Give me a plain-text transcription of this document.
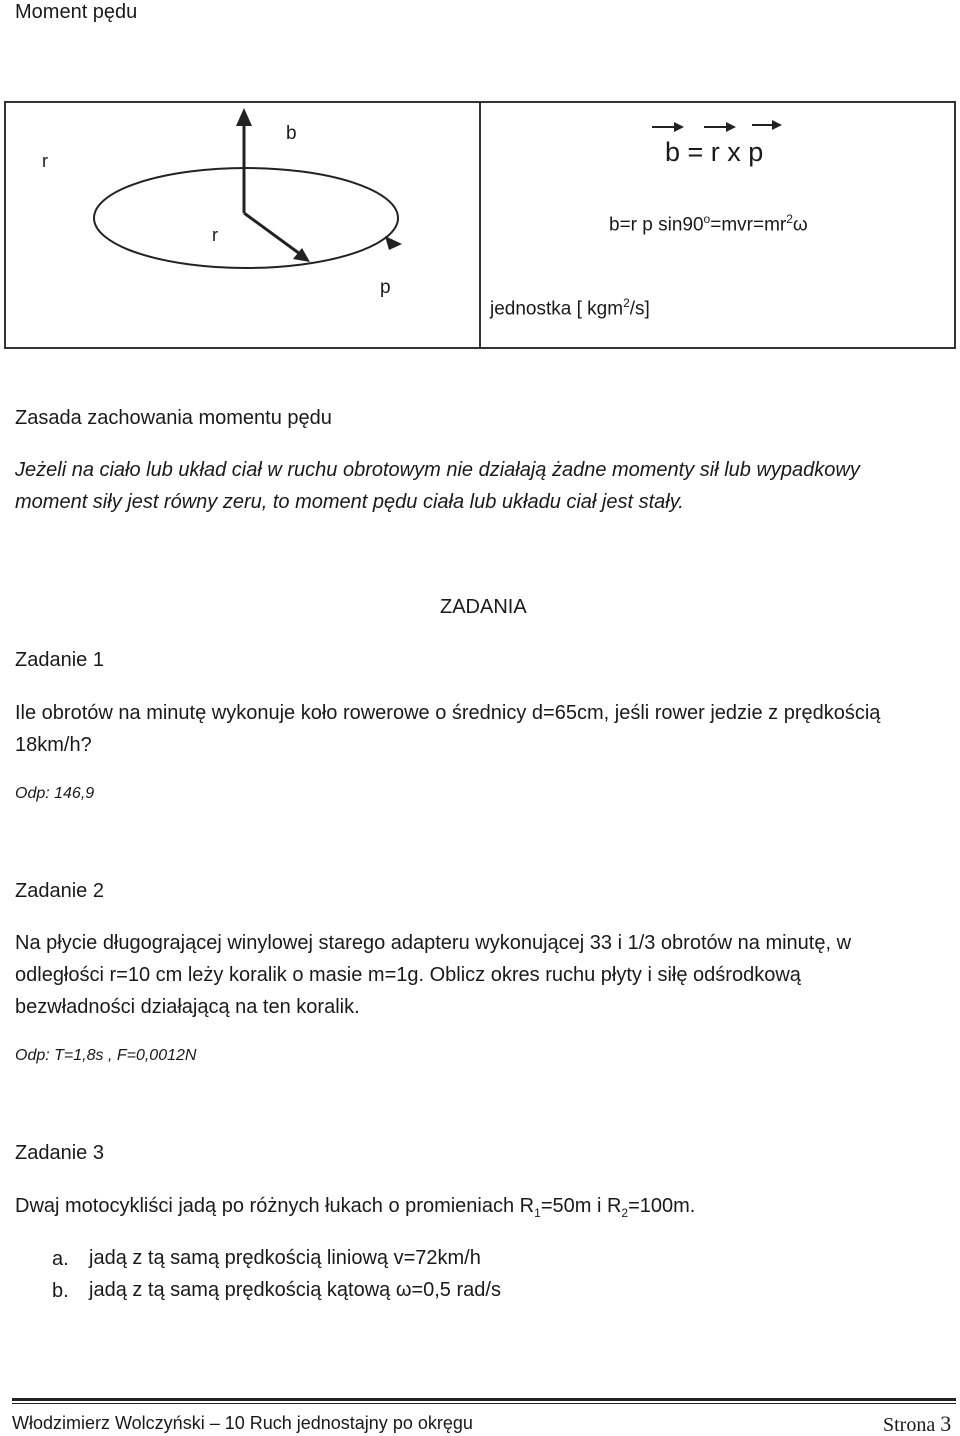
Moment pędu
r
b
r
p
b = r x p
b=r p $\sin 90^o=mvr=mr^2\omega$
jednostka [ kgm$^2$/s]
Zasada zachowania momentu pędu
Jeżeli na ciało lub układ ciał w ruchu obrotowym nie działają żadne momenty sił lub wypadkowy
moment siły jest równy zeru, to moment pędu ciała lub układu ciał jest stały.
ZADANIA
Zadanie 1
Ile obrotów na minutę wykonuje koło rowerowe o średnicy d=65cm, jeśli rower jedzie z prędkością
18km/h?
Odp: 146,9
Zadanie 2
Na płycie długogrającej winylowej starego adapteru wykonującej 33 i 1/3 obrotów na minutę, w
odległości r=10 cm leży koralik o masie m=1g. Oblicz okres ruchu płyty i siłę odśrodkową
bezwładności działającą na ten koralik.
Odp: T=1,8s , F=0,0012N
Zadanie 3
Dwaj motocykliści jadą po różnych łukach o promieniach $R_1=50m$ i $R_2=100m$.
a. jadą z tą samą prędkością liniową v=72km/h
b. jadą z tą samą prędkością kątową ω=0,5 rad/s
Włodzimierz Wolczyński – 10 Ruch jednostajny po okręgu	Strona 3
